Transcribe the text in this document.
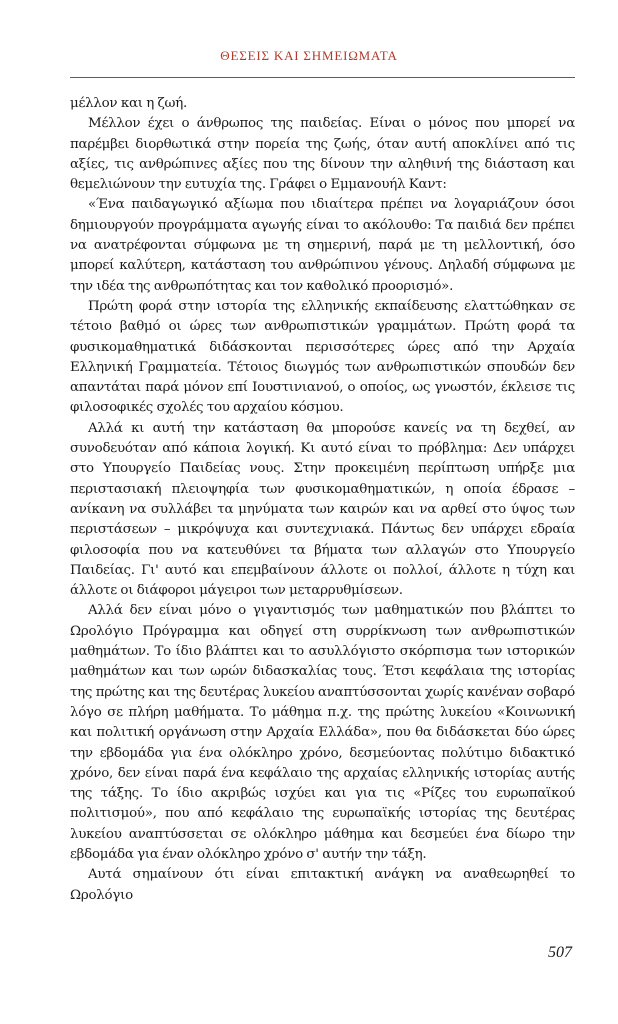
ΘΕΣΕΙΣ ΚΑΙ ΣΗΜΕΙΩΜΑΤΑ

μέλλον και η ζωή.

Μέλλον έχει ο άνθρωπος της παιδείας. Είναι ο μόνος που μπορεί να παρέμβει διορθωτικά στην πορεία της ζωής, όταν αυτή αποκλίνει από τις αξίες, τις ανθρώπινες αξίες που της δίνουν την αληθινή της διάσταση και θεμελιώνουν την ευτυχία της. Γράφει ο Εμμανουήλ Καντ:

«Ένα παιδαγωγικό αξίωμα που ιδιαίτερα πρέπει να λογαριάζουν όσοι δημιουργούν προγράμματα αγωγής είναι το ακόλουθο: Τα παιδιά δεν πρέπει να ανατρέφονται σύμφωνα με τη σημερινή, παρά με τη μελλοντική, όσο μπορεί καλύτερη, κατάσταση του ανθρώπινου γένους. Δηλαδή σύμφωνα με την ιδέα της ανθρωπότητας και τον καθολικό προορισμό».

Πρώτη φορά στην ιστορία της ελληνικής εκπαίδευσης ελαττώθηκαν σε τέτοιο βαθμό οι ώρες των ανθρωπιστικών γραμμάτων. Πρώτη φορά τα φυσικομαθηματικά διδάσκονται περισσότερες ώρες από την Αρχαία Ελληνική Γραμματεία. Τέτοιος διωγμός των ανθρωπιστικών σπουδών δεν απαντάται παρά μόνον επί Ιουστινιανού, ο οποίος, ως γνωστόν, έκλεισε τις φιλοσοφικές σχολές του αρχαίου κόσμου.

Αλλά κι αυτή την κατάσταση θα μπορούσε κανείς να τη δεχθεί, αν συνοδευόταν από κάποια λογική. Κι αυτό είναι το πρόβλημα: Δεν υπάρχει στο Υπουργείο Παιδείας νους. Στην προκειμένη περίπτωση υπήρξε μια περιστασιακή πλειοψηφία των φυσικομαθηματικών, η οποία έδρασε – ανίκανη να συλλάβει τα μηνύματα των καιρών και να αρθεί στο ύψος των περιστάσεων – μικρόψυχα και συντεχνιακά. Πάντως δεν υπάρχει εδραία φιλοσοφία που να κατευθύνει τα βήματα των αλλαγών στο Υπουργείο Παιδείας. Γι' αυτό και επεμβαίνουν άλλοτε οι πολλοί, άλλοτε η τύχη και άλλοτε οι διάφοροι μάγειροι των μεταρρυθμίσεων.

Αλλά δεν είναι μόνο ο γιγαντισμός των μαθηματικών που βλάπτει το Ωρολόγιο Πρόγραμμα και οδηγεί στη συρρίκνωση των ανθρωπιστικών μαθημάτων. Το ίδιο βλάπτει και το ασυλλόγιστο σκόρπισμα των ιστορικών μαθημάτων και των ωρών διδασκαλίας τους. Έτσι κεφάλαια της ιστορίας της πρώτης και της δευτέρας λυκείου αναπτύσσονται χωρίς κανέναν σοβαρό λόγο σε πλήρη μαθήματα. Το μάθημα π.χ. της πρώτης λυκείου «Κοινωνική και πολιτική οργάνωση στην Αρχαία Ελλάδα», που θα διδάσκεται δύο ώρες την εβδομάδα για ένα ολόκληρο χρόνο, δεσμεύοντας πολύτιμο διδακτικό χρόνο, δεν είναι παρά ένα κεφάλαιο της αρχαίας ελληνικής ιστορίας αυτής της τάξης. Το ίδιο ακριβώς ισχύει και για τις «Ρίζες του ευρωπαϊκού πολιτισμού», που από κεφάλαιο της ευρωπαϊκής ιστορίας της δευτέρας λυκείου αναπτύσσεται σε ολόκληρο μάθημα και δεσμεύει ένα δίωρο την εβδομάδα για έναν ολόκληρο χρόνο σ' αυτήν την τάξη.

Αυτά σημαίνουν ότι είναι επιτακτική ανάγκη να αναθεωρηθεί το Ωρολόγιο

507
